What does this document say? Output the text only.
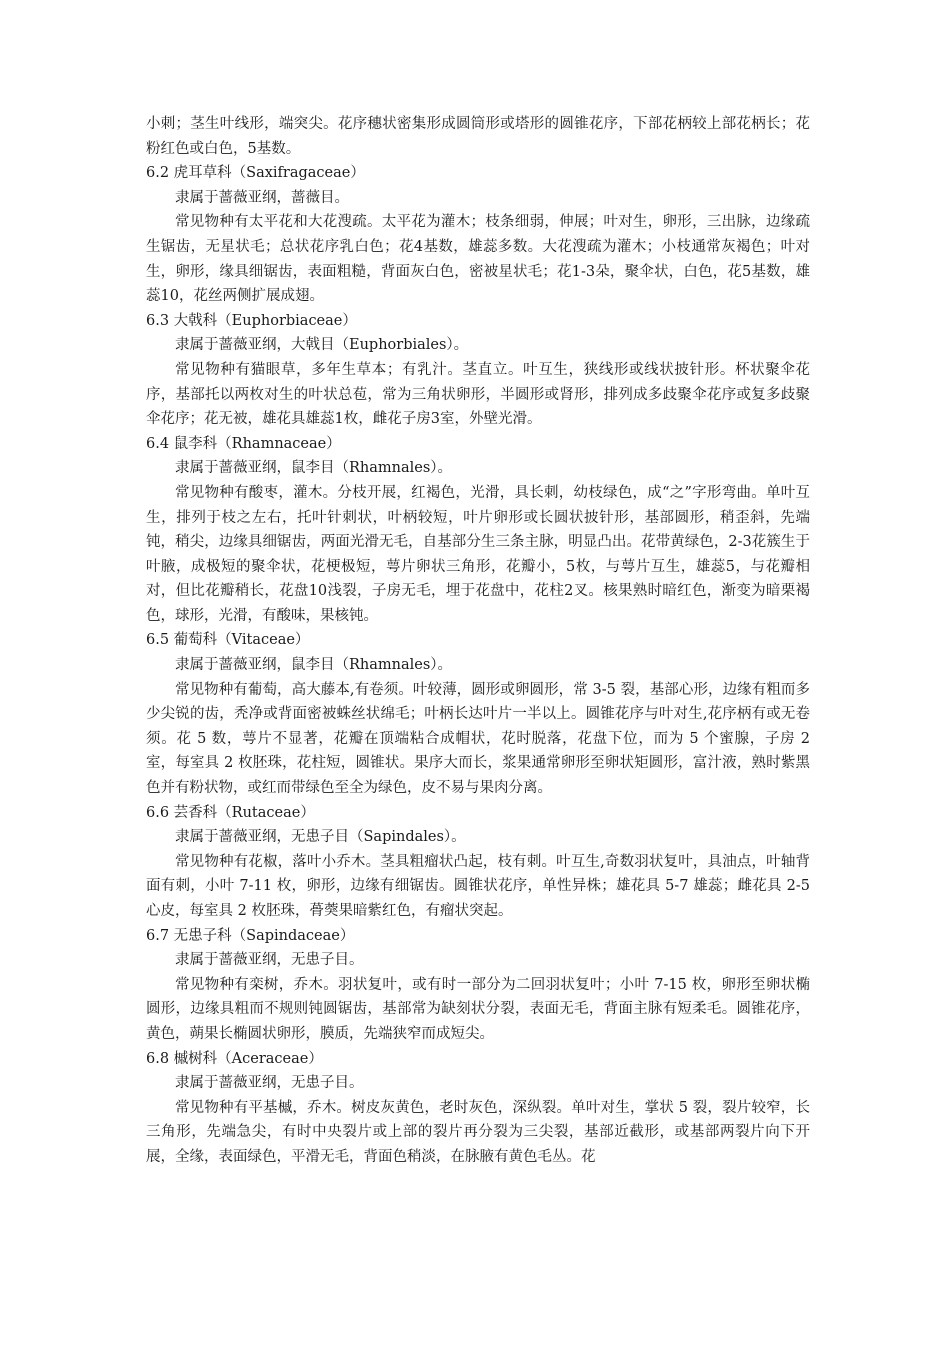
小刺；茎生叶线形，端突尖。花序穗状密集形成圆筒形或塔形的圆锥花序，下部花柄较上部花柄长；花粉红色或白色，5基数。

6.2 虎耳草科（Saxifragaceae）

隶属于蔷薇亚纲，蔷薇目。

常见物种有太平花和大花溲疏。太平花为灌木；枝条细弱，伸展；叶对生，卵形，三出脉，边缘疏生锯齿，无星状毛；总状花序乳白色；花4基数，雄蕊多数。大花溲疏为灌木；小枝通常灰褐色；叶对生，卵形，缘具细锯齿，表面粗糙，背面灰白色，密被星状毛；花1-3朵，聚伞状，白色，花5基数，雄蕊10，花丝两侧扩展成翅。

6.3 大戟科（Euphorbiaceae）

隶属于蔷薇亚纲，大戟目（Euphorbiales）。

常见物种有猫眼草，多年生草本；有乳汁。茎直立。叶互生，狭线形或线状披针形。杯状聚伞花序，基部托以两枚对生的叶状总苞，常为三角状卵形，半圆形或肾形，排列成多歧聚伞花序或复多歧聚伞花序；花无被，雄花具雄蕊1枚，雌花子房3室，外壁光滑。

6.4 鼠李科（Rhamnaceae）

隶属于蔷薇亚纲，鼠李目（Rhamnales）。

常见物种有酸枣，灌木。分枝开展，红褐色，光滑，具长刺，幼枝绿色，成“之”字形弯曲。单叶互生，排列于枝之左右，托叶针刺状，叶柄较短，叶片卵形或长圆状披针形，基部圆形，稍歪斜，先端钝，稍尖，边缘具细锯齿，两面光滑无毛，自基部分生三条主脉，明显凸出。花带黄绿色，2-3花簇生于叶腋，成极短的聚伞状，花梗极短，萼片卵状三角形，花瓣小，5枚，与萼片互生，雄蕊5，与花瓣相对，但比花瓣稍长，花盘10浅裂，子房无毛，埋于花盘中，花柱2叉。核果熟时暗红色，渐变为暗栗褐色，球形，光滑，有酸味，果核钝。

6.5 葡萄科（Vitaceae）

隶属于蔷薇亚纲，鼠李目（Rhamnales）。

常见物种有葡萄，高大藤本,有卷须。叶较薄，圆形或卵圆形，常 3-5 裂，基部心形，边缘有粗而多少尖锐的齿，秃净或背面密被蛛丝状绵毛；叶柄长达叶片一半以上。圆锥花序与叶对生,花序柄有或无卷须。花 5 数，萼片不显著，花瓣在顶端粘合成帽状，花时脱落，花盘下位，而为 5 个蜜腺，子房 2 室，每室具 2 枚胚珠，花柱短，圆锥状。果序大而长，浆果通常卵形至卵状矩圆形，富汁液，熟时紫黑色并有粉状物，或红而带绿色至全为绿色，皮不易与果肉分离。

6.6 芸香科（Rutaceae）

隶属于蔷薇亚纲，无患子目（Sapindales）。

常见物种有花椒，落叶小乔木。茎具粗瘤状凸起，枝有刺。叶互生,奇数羽状复叶，具油点，叶轴背面有刺，小叶 7-11 枚，卵形，边缘有细锯齿。圆锥状花序，单性异株；雄花具 5-7 雄蕊；雌花具 2-5 心皮，每室具 2 枚胚珠，蓇葖果暗紫红色，有瘤状突起。

6.7 无患子科（Sapindaceae）

隶属于蔷薇亚纲，无患子目。

常见物种有栾树，乔木。羽状复叶，或有时一部分为二回羽状复叶；小叶 7-15 枚，卵形至卵状椭圆形，边缘具粗而不规则钝圆锯齿，基部常为缺刻状分裂，表面无毛，背面主脉有短柔毛。圆锥花序，黄色，蒴果长椭圆状卵形，膜质，先端狭窄而成短尖。

6.8 槭树科（Aceraceae）

隶属于蔷薇亚纲，无患子目。

常见物种有平基槭，乔木。树皮灰黄色，老时灰色，深纵裂。单叶对生，掌状 5 裂，裂片较窄，长三角形，先端急尖，有时中央裂片或上部的裂片再分裂为三尖裂，基部近截形，或基部两裂片向下开展，全缘，表面绿色，平滑无毛，背面色稍淡，在脉腋有黄色毛丛。花
